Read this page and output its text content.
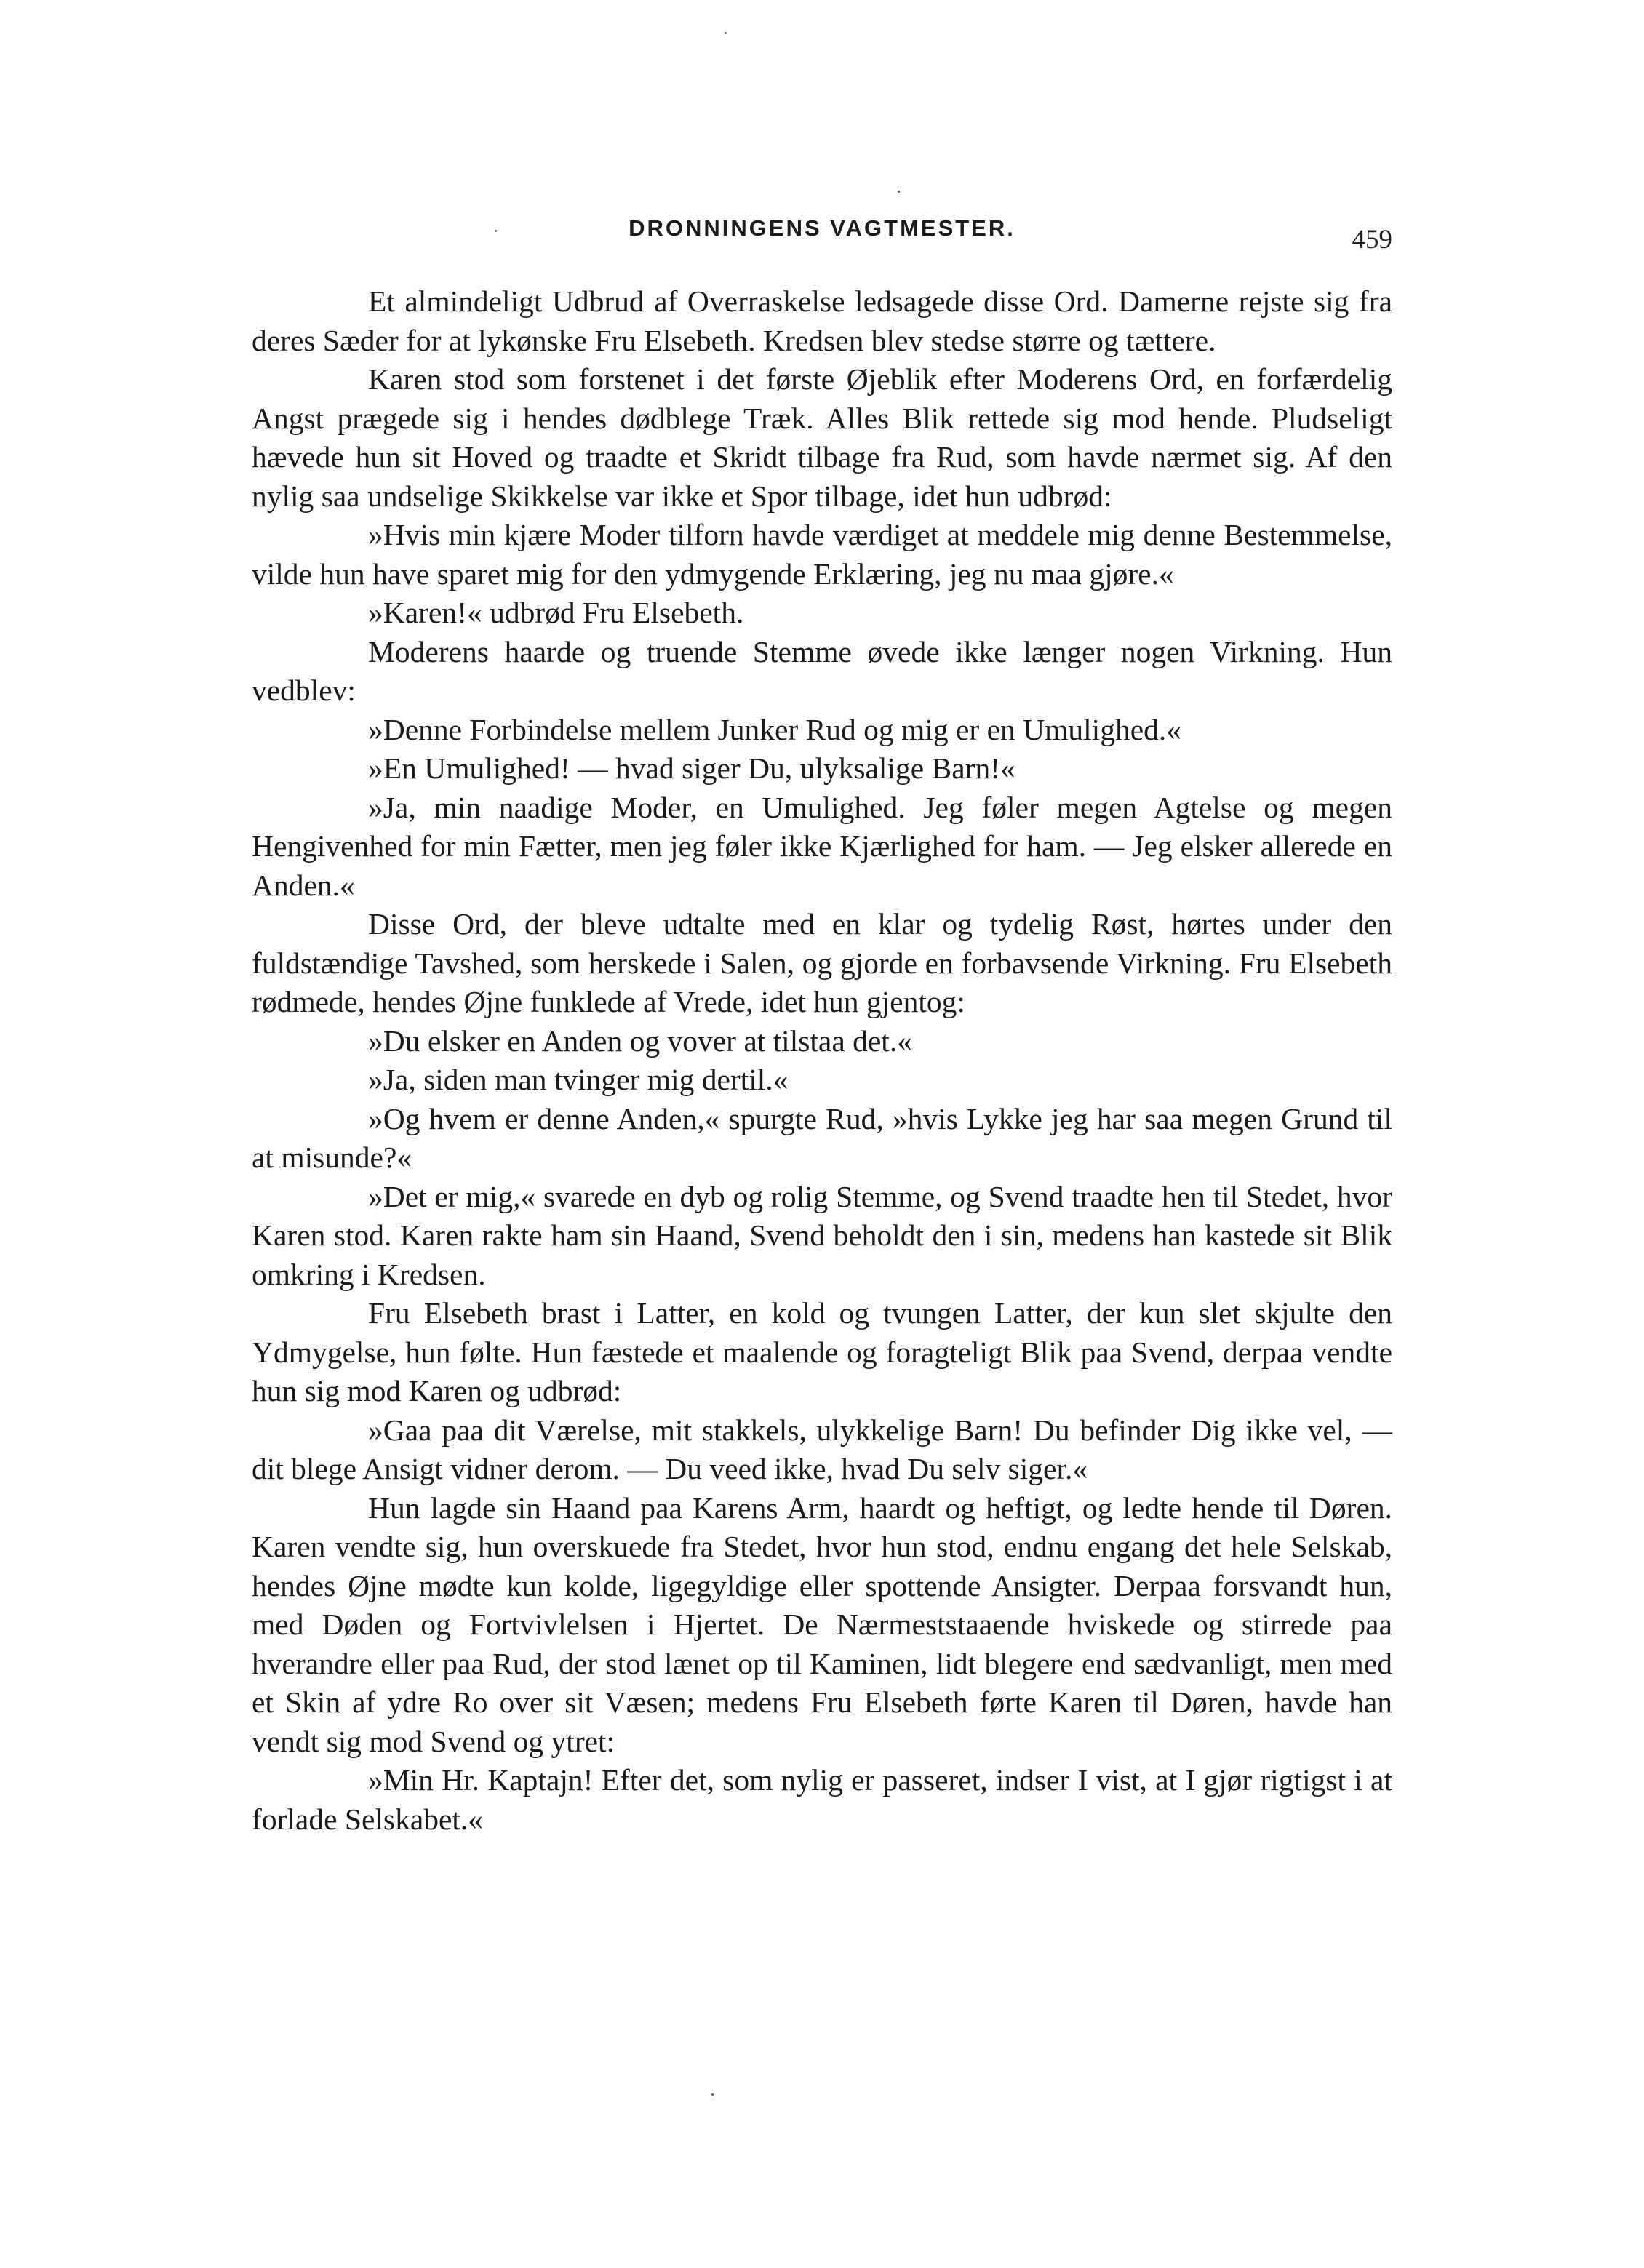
DRONNINGENS VAGTMESTER.	459

Et almindeligt Udbrud af Overraskelse ledsagede disse Ord. Damerne rejste sig fra deres Sæder for at lykønske Fru Elsebeth. Kredsen blev stedse større og tættere.

Karen stod som forstenet i det første Øjeblik efter Moderens Ord, en forfærdelig Angst prægede sig i hendes dødblege Træk. Alles Blik rettede sig mod hende. Pludseligt hævede hun sit Hoved og traadte et Skridt tilbage fra Rud, som havde nærmet sig. Af den nylig saa undselige Skikkelse var ikke et Spor tilbage, idet hun udbrød:

»Hvis min kjære Moder tilforn havde værdiget at meddele mig denne Bestemmelse, vilde hun have sparet mig for den ydmygende Erklæring, jeg nu maa gjøre.«

»Karen!« udbrød Fru Elsebeth.

Moderens haarde og truende Stemme øvede ikke længer nogen Virkning. Hun vedblev:

»Denne Forbindelse mellem Junker Rud og mig er en Umulighed.«

»En Umulighed! — hvad siger Du, ulyksalige Barn!«

»Ja, min naadige Moder, en Umulighed. Jeg føler megen Agtelse og megen Hengivenhed for min Fætter, men jeg føler ikke Kjærlighed for ham. — Jeg elsker allerede en Anden.«

Disse Ord, der bleve udtalte med en klar og tydelig Røst, hørtes under den fuldstændige Tavshed, som herskede i Salen, og gjorde en forbavsende Virkning. Fru Elsebeth rødmede, hendes Øjne funklede af Vrede, idet hun gjentog:

»Du elsker en Anden og vover at tilstaa det.«

»Ja, siden man tvinger mig dertil.«

»Og hvem er denne Anden,« spurgte Rud, »hvis Lykke jeg har saa megen Grund til at misunde?«

»Det er mig,« svarede en dyb og rolig Stemme, og Svend traadte hen til Stedet, hvor Karen stod. Karen rakte ham sin Haand, Svend beholdt den i sin, medens han kastede sit Blik omkring i Kredsen.

Fru Elsebeth brast i Latter, en kold og tvungen Latter, der kun slet skjulte den Ydmygelse, hun følte. Hun fæstede et maalende og foragteligt Blik paa Svend, derpaa vendte hun sig mod Karen og udbrød:

»Gaa paa dit Værelse, mit stakkels, ulykkelige Barn! Du befinder Dig ikke vel, — dit blege Ansigt vidner derom. — Du veed ikke, hvad Du selv siger.«

Hun lagde sin Haand paa Karens Arm, haardt og heftigt, og ledte hende til Døren. Karen vendte sig, hun overskuede fra Stedet, hvor hun stod, endnu engang det hele Selskab, hendes Øjne mødte kun kolde, ligegyldige eller spottende Ansigter. Derpaa forsvandt hun, med Døden og Fortvivlelsen i Hjertet. De Nærmeststaaende hviskede og stirrede paa hverandre eller paa Rud, der stod lænet op til Kaminen, lidt blegere end sædvanligt, men med et Skin af ydre Ro over sit Væsen; medens Fru Elsebeth førte Karen til Døren, havde han vendt sig mod Svend og ytret:

»Min Hr. Kaptajn! Efter det, som nylig er passeret, indser I vist, at I gjør rigtigst i at forlade Selskabet.«
